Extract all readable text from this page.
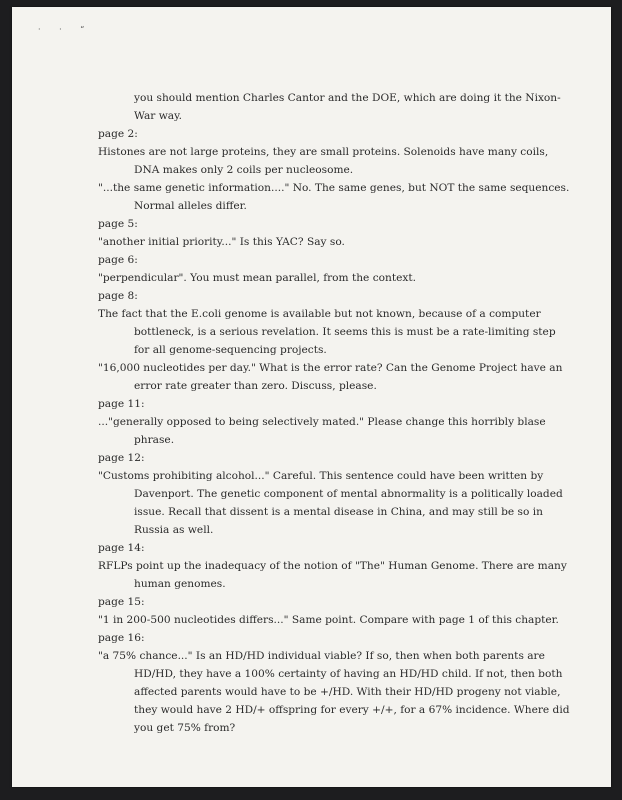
· · “
you should mention Charles Cantor and the DOE, which are doing it the Nixon-
War way.
page 2:
Histones are not large proteins, they are small proteins. Solenoids have many coils,
DNA makes only 2 coils per nucleosome.
"...the same genetic information...." No. The same genes, but NOT the same sequences.
Normal alleles differ.
page 5:
"another initial priority..." Is this YAC? Say so.
page 6:
"perpendicular". You must mean parallel, from the context.
page 8:
The fact that the E.coli genome is available but not known, because of a computer
bottleneck, is a serious revelation. It seems this is must be a rate-limiting step
for all genome-sequencing projects.
"16,000 nucleotides per day." What is the error rate? Can the Genome Project have an
error rate greater than zero. Discuss, please.
page 11:
..."generally opposed to being selectively mated." Please change this horribly blase
phrase.
page 12:
"Customs prohibiting alcohol..." Careful. This sentence could have been written by
Davenport. The genetic component of mental abnormality is a politically loaded
issue. Recall that dissent is a mental disease in China, and may still be so in
Russia as well.
page 14:
RFLPs point up the inadequacy of the notion of "The" Human Genome. There are many
human genomes.
page 15:
"1 in 200-500 nucleotides differs..." Same point. Compare with page 1 of this chapter.
page 16:
"a 75% chance..." Is an HD/HD individual viable? If so, then when both parents are
HD/HD, they have a 100% certainty of having an HD/HD child. If not, then both
affected parents would have to be +/HD. With their HD/HD progeny not viable,
they would have 2 HD/+ offspring for every +/+, for a 67% incidence. Where did
you get 75% from?
